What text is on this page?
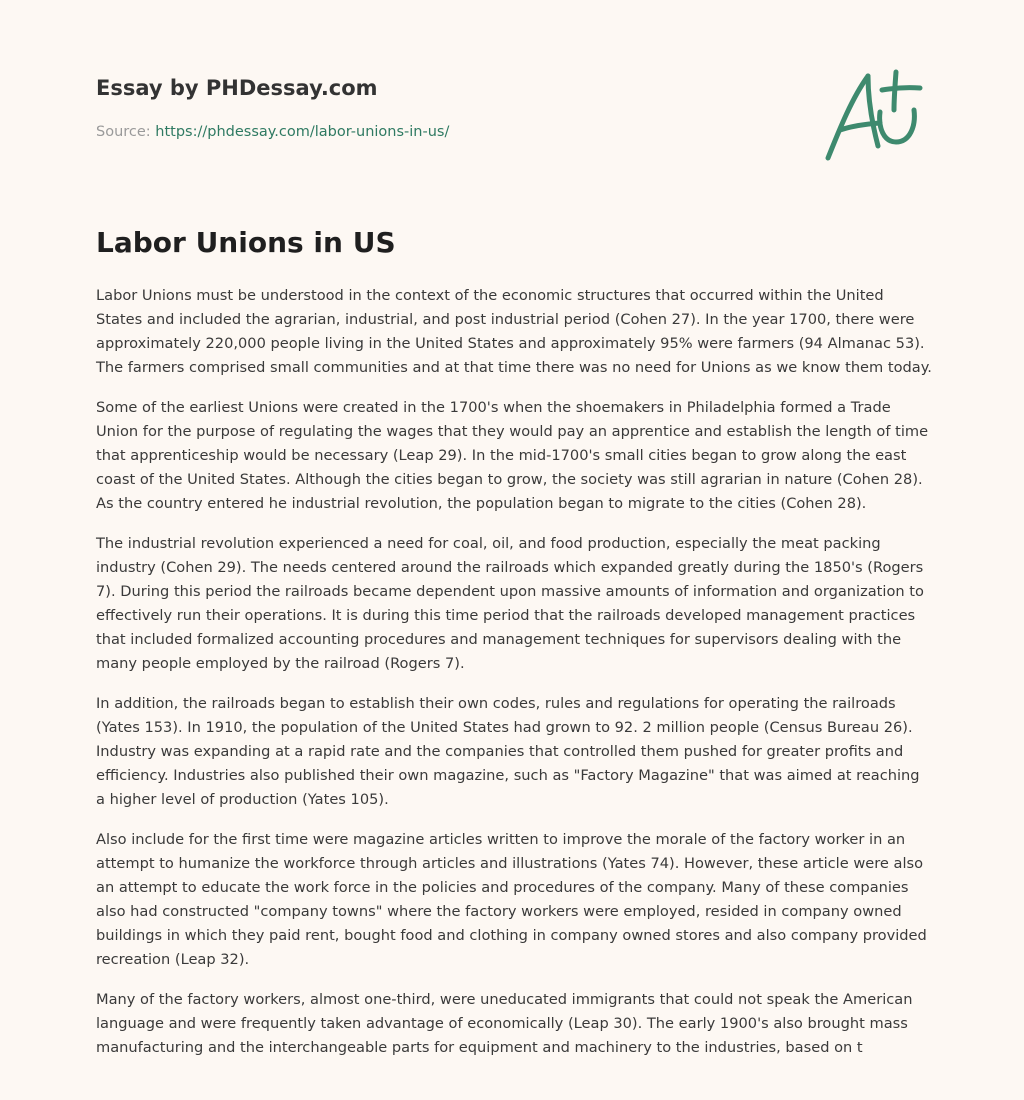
Essay by PHDessay.com
Source: https://phdessay.com/labor-unions-in-us/
Labor Unions in US

Labor Unions must be understood in the context of the economic structures that occurred within the United States and included the agrarian, industrial, and post industrial period (Cohen 27). In the year 1700, there were approximately 220,000 people living in the United States and approximately 95% were farmers (94 Almanac 53). The farmers comprised small communities and at that time there was no need for Unions as we know them today.

Some of the earliest Unions were created in the 1700's when the shoemakers in Philadelphia formed a Trade Union for the purpose of regulating the wages that they would pay an apprentice and establish the length of time that apprenticeship would be necessary (Leap 29). In the mid-1700's small cities began to grow along the east coast of the United States. Although the cities began to grow, the society was still agrarian in nature (Cohen 28). As the country entered he industrial revolution, the population began to migrate to the cities (Cohen 28).

The industrial revolution experienced a need for coal, oil, and food production, especially the meat packing industry (Cohen 29). The needs centered around the railroads which expanded greatly during the 1850's (Rogers 7). During this period the railroads became dependent upon massive amounts of information and organization to effectively run their operations. It is during this time period that the railroads developed management practices that included formalized accounting procedures and management techniques for supervisors dealing with the many people employed by the railroad (Rogers 7).

In addition, the railroads began to establish their own codes, rules and regulations for operating the railroads (Yates 153). In 1910, the population of the United States had grown to 92. 2 million people (Census Bureau 26). Industry was expanding at a rapid rate and the companies that controlled them pushed for greater profits and efficiency. Industries also published their own magazine, such as "Factory Magazine" that was aimed at reaching a higher level of production (Yates 105).

Also include for the first time were magazine articles written to improve the morale of the factory worker in an attempt to humanize the workforce through articles and illustrations (Yates 74). However, these article were also an attempt to educate the work force in the policies and procedures of the company. Many of these companies also had constructed "company towns" where the factory workers were employed, resided in company owned buildings in which they paid rent, bought food and clothing in company owned stores and also company provided recreation (Leap 32).

Many of the factory workers, almost one-third, were uneducated immigrants that could not speak the American language and were frequently taken advantage of economically (Leap 30). The early 1900's also brought mass manufacturing and the interchangeable parts for equipment and machinery to the industries, based on t
